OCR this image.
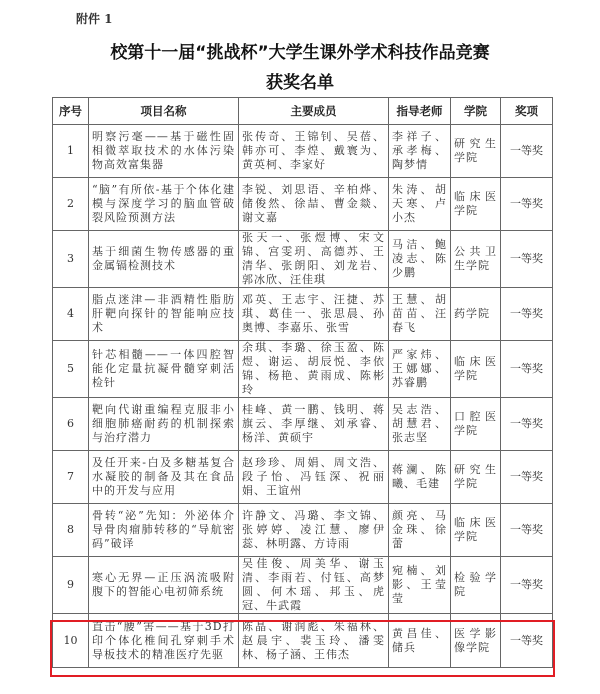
附件 1
校第十一届“挑战杯”大学生课外学术科技作品竞赛
获奖名单
序号	项目名称	主要成员	指导老师	学院	奖项
1	明察污毫——基于磁性固相微萃取技术的水体污染物高效富集器	张传奇、王锦钊、吴蓓、韩亦可、李煌、戴寰为、黄英柯、李家好	李祥子、承孝梅、陶梦情	研究生学院	一等奖
2	“脑”有所依-基于个体化建模与深度学习的脑血管破裂风险预测方法	李锐、刘思语、辛柏烨、储俊然、徐喆、曹金燚、谢文嘉	朱涛、胡天寒、卢小杰	临床医学院	一等奖
3	基于细菌生物传感器的重金属镉检测技术	张天一、张煜博、宋文锦、宫雯玥、高德苏、王清华、张朗阳、刘龙岩、郭冰欣、汪佳琪	马洁、鲍凌志、陈少鹏	公共卫生学院	一等奖
4	脂点迷津—非酒精性脂肪肝靶向探针的智能响应技术	邓英、王志宇、汪捷、苏琪、葛佳一、张思晨、孙奥博、李嘉乐、张雪	王慧、胡苗苗、汪春飞	药学院	一等奖
5	针芯相髓——一体四腔智能化定量抗凝骨髓穿刺活检针	余琪、李璐、徐玉盈、陈煜、谢运、胡辰悦、李依锦、杨艳、黄雨成、陈彬玲	严家炜、王娜娜、苏睿鹏	临床医学院	一等奖
6	靶向代谢重编程克服非小细胞肺癌耐药的机制探索与治疗潜力	桂峰、黄一鹏、钱明、蒋旗云、李厚继、刘承睿、杨洋、黄硕宇	吴志浩、胡慧君、张志坚	口腔医学院	一等奖
7	及任开来-白及多糖基复合水凝胶的制备及其在食品中的开发与应用	赵珍珍、周娟、周文浩、段子怡、冯钰深、祝丽娟、王谊州	蒋澜、陈曦、毛建	研究生学院	一等奖
8	骨转“泌”先知：外泌体介导骨肉瘤肺转移的“导航密码”破译	许静文、冯璐、李文锦、张婷婷、凌江慧、廖伊蕊、林明露、方诗雨	颜亮、马金珠、徐蕾	临床医学院	一等奖
9	寒心无界—正压涡流吸附腹下的智能心电初筛系统	吴佳俊、周美华、谢玉清、李雨若、付钰、高梦圆、何木瑶、邦玉、虎冠、牛武霞	宛楠、刘影、王莹莹	检验学院	一等奖
10	直击“腰”害——基于3D打印个体化椎间孔穿刺手术导板技术的精准医疗先驱	陈晶、谢润彪、朱福林、赵晨宇、裴玉玲、潘雯林、杨子涵、王伟杰	黄昌佳、储兵	医学影像学院	一等奖
